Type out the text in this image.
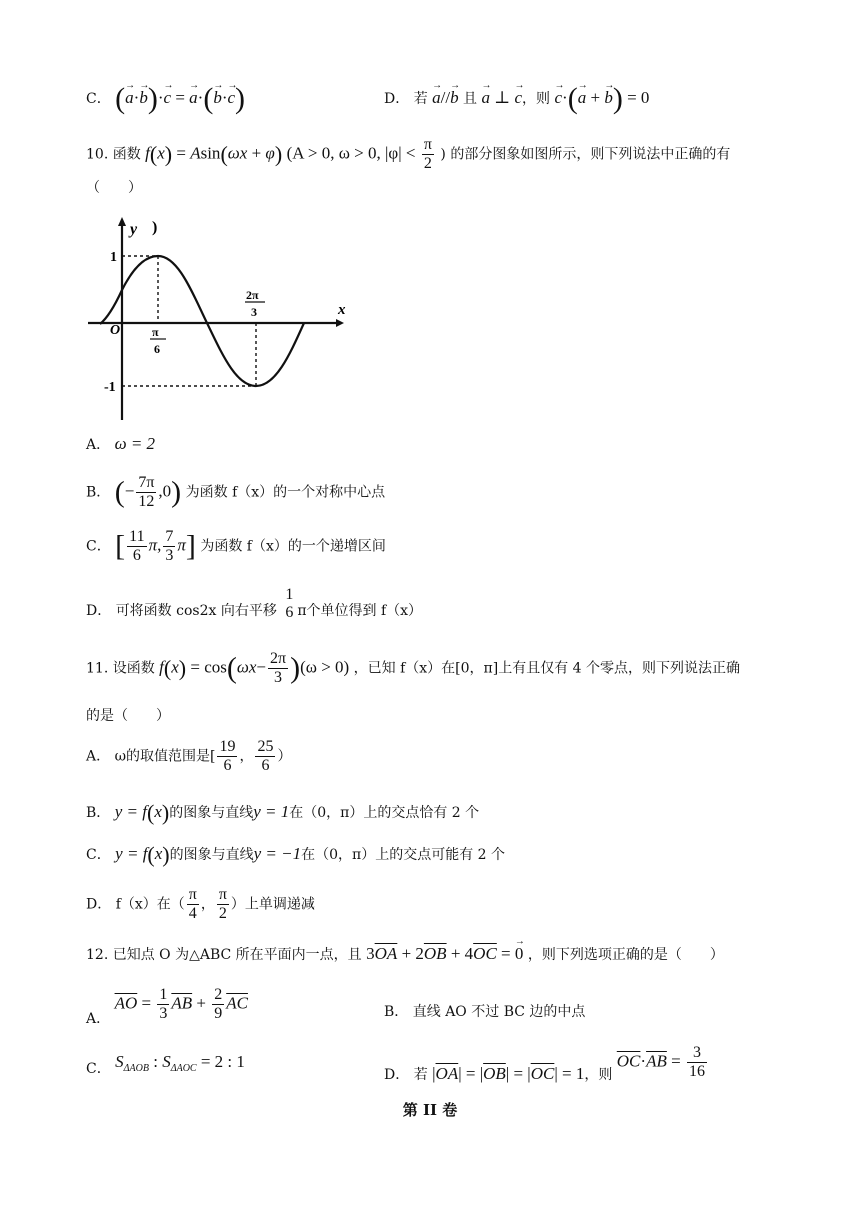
C． (→ a·→ b)·→ c = → a·(→ b·→ c)	D． 若 → a//→ b 且 → a ⊥ → c，则 → c·(→ a + → b) = 0
10. 函数 f(x) = Asin(ωx + φ) (A > 0, ω > 0, $|\varphi| < \frac{\pi}{2}$ ) 的部分图象如图所示，则下列说法中正确的有
（　　）
y )
1
-1
O
x
π
6
2π
3
A． ω = 2
B． (− $\frac{7\pi}{12} ,0$) 为函数 f（x）的一个对称中心点
C． [ $\frac{11}{6} \pi$, $\frac{7}{3} \pi$] 为函数 f（x）的一个递增区间
D． 可将函数 cos2x 向右平移
1
6 π个单位得到 f（x）
11. 设函数 $f(x) = \cos(\omega x- \frac{2\pi}{3} )(\omega > 0)$ ，已知 f（x）在[0，π]上有且仅有 4 个零点，则下列说法正确
的是（　　）
A． ω的取值范围是[ $\frac{19}{6}$ ， $\frac{25}{6}$ ）
B． y = f(x)的图象与直线y = 1在（0，π）上的交点恰有 2 个
C． y = f(x)的图象与直线y = −1在（0，π）上的交点可能有 2 个
D． f（x）在（ $\frac{\pi}{4}$ ， $\frac{\pi}{2}$ ）上单调递减
12. 已知点 O 为△ABC 所在平面内一点，且 $3\overline{OA} + 2\overline{OB} + 4\overline{OC}$ = → 0 ，则下列选项正确的是（　　）
A． $\overline{AO} = \frac{1}{3} \overline{AB} + \frac{2}{9} \overline{AC}$	B． 直线 AO 不过 BC 边的中点
C． $S_{\Delta AOB}$ : $S_{\Delta AOC} = 2$ : 1
D． 若 $|\overline{OA}| = |\overline{OB}| = |\overline{OC}| = 1$，则 $\overline{OC}\cdot\overline{AB} = \frac{3}{16}$
第 II 卷
